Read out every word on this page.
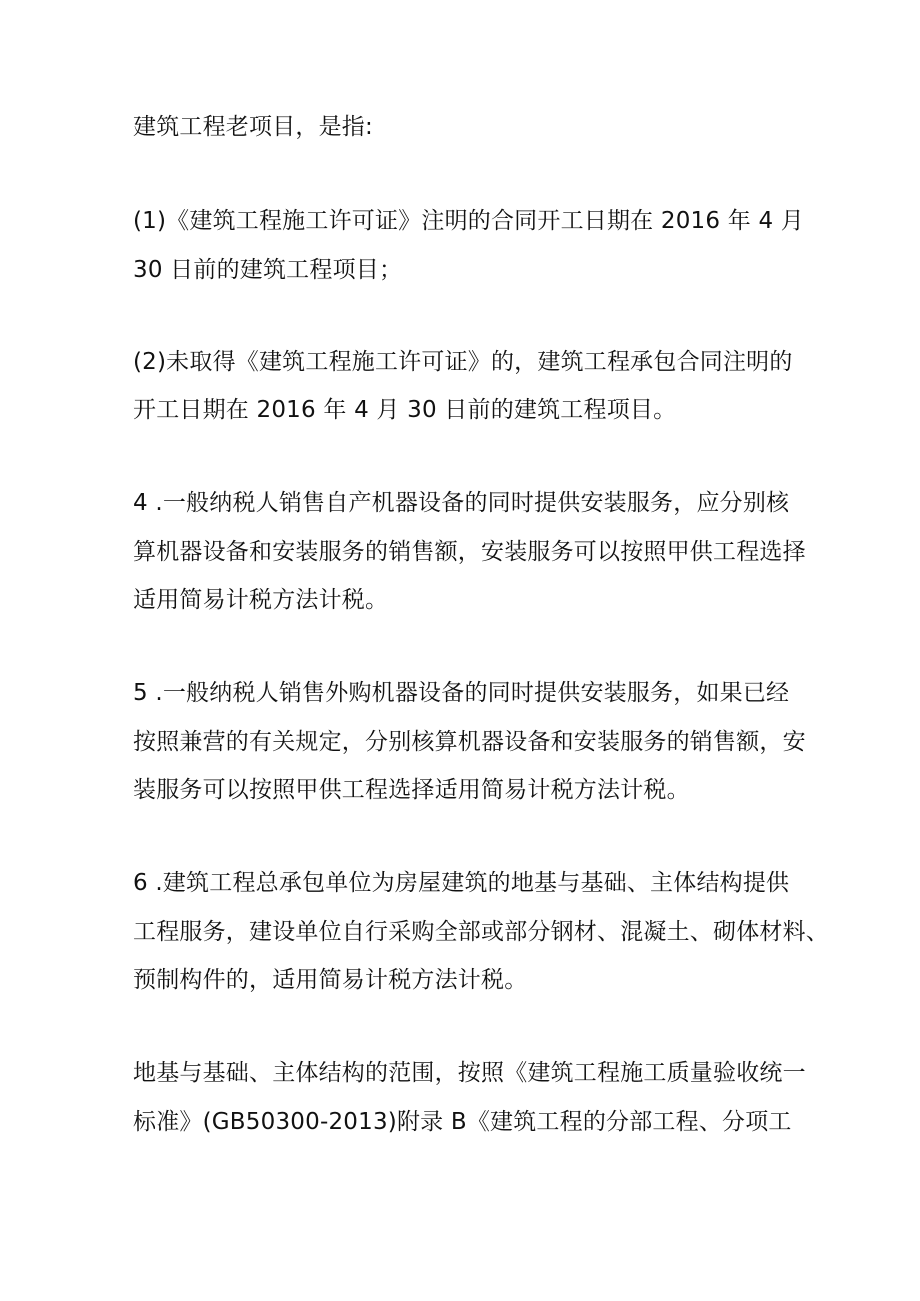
建筑工程老项目，是指:
(1)《建筑工程施工许可证》注明的合同开工日期在 2016 年 4 月
30 日前的建筑工程项目；
(2)未取得《建筑工程施工许可证》的，建筑工程承包合同注明的
开工日期在 2016 年 4 月 30 日前的建筑工程项目。
4 .一般纳税人销售自产机器设备的同时提供安装服务，应分别核
算机器设备和安装服务的销售额，安装服务可以按照甲供工程选择
适用简易计税方法计税。
5 .一般纳税人销售外购机器设备的同时提供安装服务，如果已经
按照兼营的有关规定，分别核算机器设备和安装服务的销售额，安
装服务可以按照甲供工程选择适用简易计税方法计税。
6 .建筑工程总承包单位为房屋建筑的地基与基础、主体结构提供
工程服务，建设单位自行采购全部或部分钢材、混凝土、砌体材料、
预制构件的，适用简易计税方法计税。
地基与基础、主体结构的范围，按照《建筑工程施工质量验收统一
标准》(GB50300-2013)附录 B《建筑工程的分部工程、分项工
